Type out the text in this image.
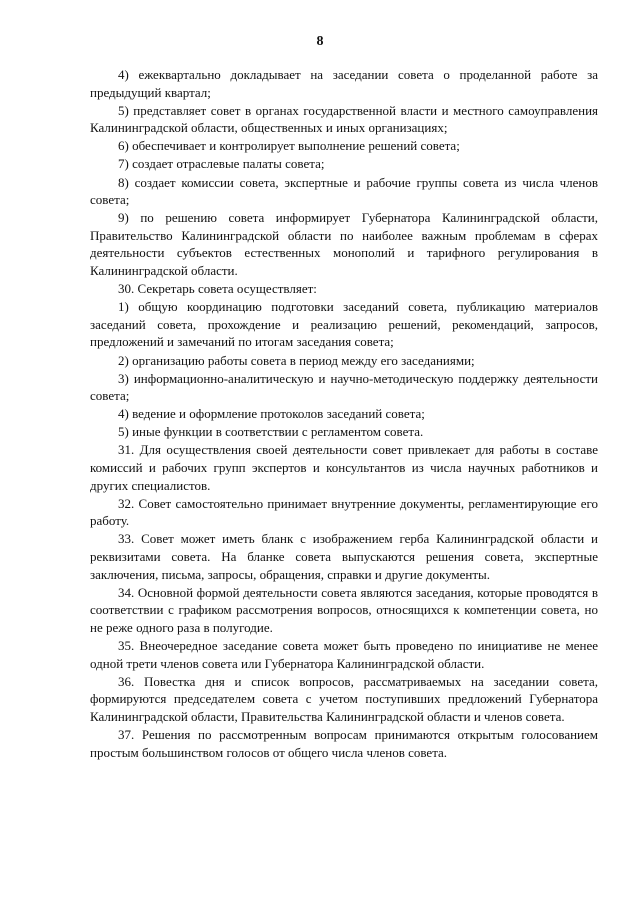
8

4) ежеквартально докладывает на заседании совета о проделанной работе за предыдущий квартал;

5) представляет совет в органах государственной власти и местного самоуправления Калининградской области, общественных и иных организациях;

6) обеспечивает и контролирует выполнение решений совета;

7) создает отраслевые палаты совета;

8) создает комиссии совета, экспертные и рабочие группы совета из числа членов совета;

9) по решению совета информирует Губернатора Калининградской области, Правительство Калининградской области по наиболее важным проблемам в сферах деятельности субъектов естественных монополий и тарифного регулирования в Калининградской области.

30. Секретарь совета осуществляет:

1) общую координацию подготовки заседаний совета, публикацию материалов заседаний совета, прохождение и реализацию решений, рекомендаций, запросов, предложений и замечаний по итогам заседания совета;

2) организацию работы совета в период между его заседаниями;

3) информационно-аналитическую и научно-методическую поддержку деятельности совета;

4) ведение и оформление протоколов заседаний совета;

5) иные функции в соответствии с регламентом совета.

31. Для осуществления своей деятельности совет привлекает для работы в составе комиссий и рабочих групп экспертов и консультантов из числа научных работников и других специалистов.

32. Совет самостоятельно принимает внутренние документы, регламентирующие его работу.

33. Совет может иметь бланк с изображением герба Калининградской области и реквизитами совета. На бланке совета выпускаются решения совета, экспертные заключения, письма, запросы, обращения, справки и другие документы.

34. Основной формой деятельности совета являются заседания, которые проводятся в соответствии с графиком рассмотрения вопросов, относящихся к компетенции совета, но не реже одного раза в полугодие.

35. Внеочередное заседание совета может быть проведено по инициативе не менее одной трети членов совета или Губернатора Калининградской области.

36. Повестка дня и список вопросов, рассматриваемых на заседании совета, формируются председателем совета с учетом поступивших предложений Губернатора Калининградской области, Правительства Калининградской области и членов совета.

37. Решения по рассмотренным вопросам принимаются открытым голосованием простым большинством голосов от общего числа членов совета.
